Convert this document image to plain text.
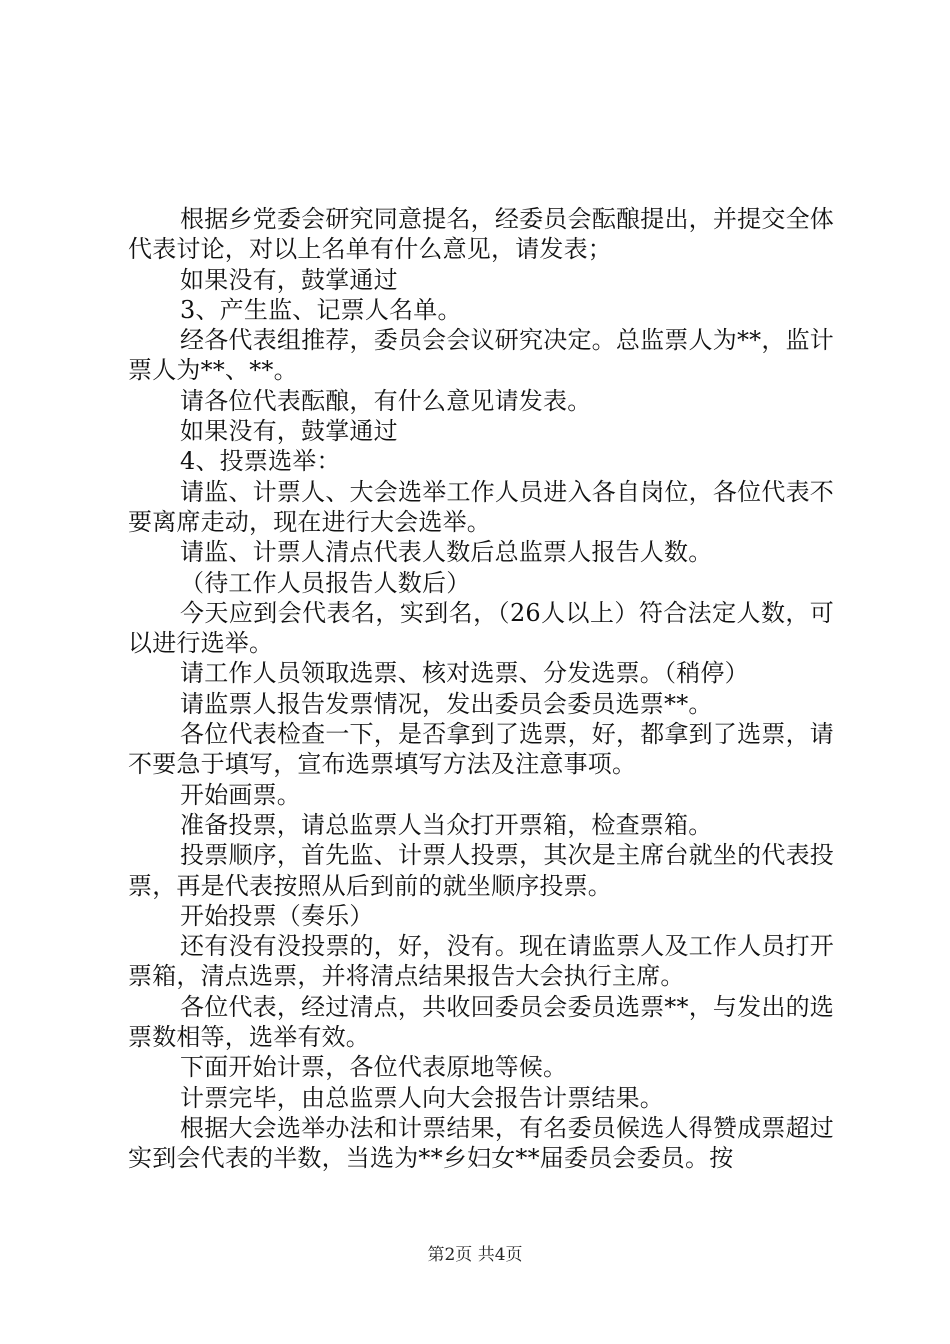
根据乡党委会研究同意提名，经委员会酝酿提出，并提交全体代表讨论，对以上名单有什么意见，请发表；

如果没有，鼓掌通过

3、产生监、记票人名单。

经各代表组推荐，委员会会议研究决定。总监票人为**，监计票人为**、**。

请各位代表酝酿，有什么意见请发表。

如果没有，鼓掌通过

4、投票选举：

请监、计票人、大会选举工作人员进入各自岗位，各位代表不要离席走动，现在进行大会选举。

请监、计票人清点代表人数后总监票人报告人数。

（待工作人员报告人数后）

今天应到会代表名，实到名，（26人以上）符合法定人数，可以进行选举。

请工作人员领取选票、核对选票、分发选票。（稍停）

请监票人报告发票情况，发出委员会委员选票**。

各位代表检查一下，是否拿到了选票，好，都拿到了选票，请不要急于填写，宣布选票填写方法及注意事项。

开始画票。

准备投票，请总监票人当众打开票箱，检查票箱。

投票顺序，首先监、计票人投票，其次是主席台就坐的代表投票，再是代表按照从后到前的就坐顺序投票。

开始投票（奏乐）

还有没有没投票的，好，没有。现在请监票人及工作人员打开票箱，清点选票，并将清点结果报告大会执行主席。

各位代表，经过清点，共收回委员会委员选票**，与发出的选票数相等，选举有效。

下面开始计票，各位代表原地等候。

计票完毕，由总监票人向大会报告计票结果。

根据大会选举办法和计票结果，有名委员候选人得赞成票超过实到会代表的半数，当选为**乡妇女**届委员会委员。按

第2页 共4页
